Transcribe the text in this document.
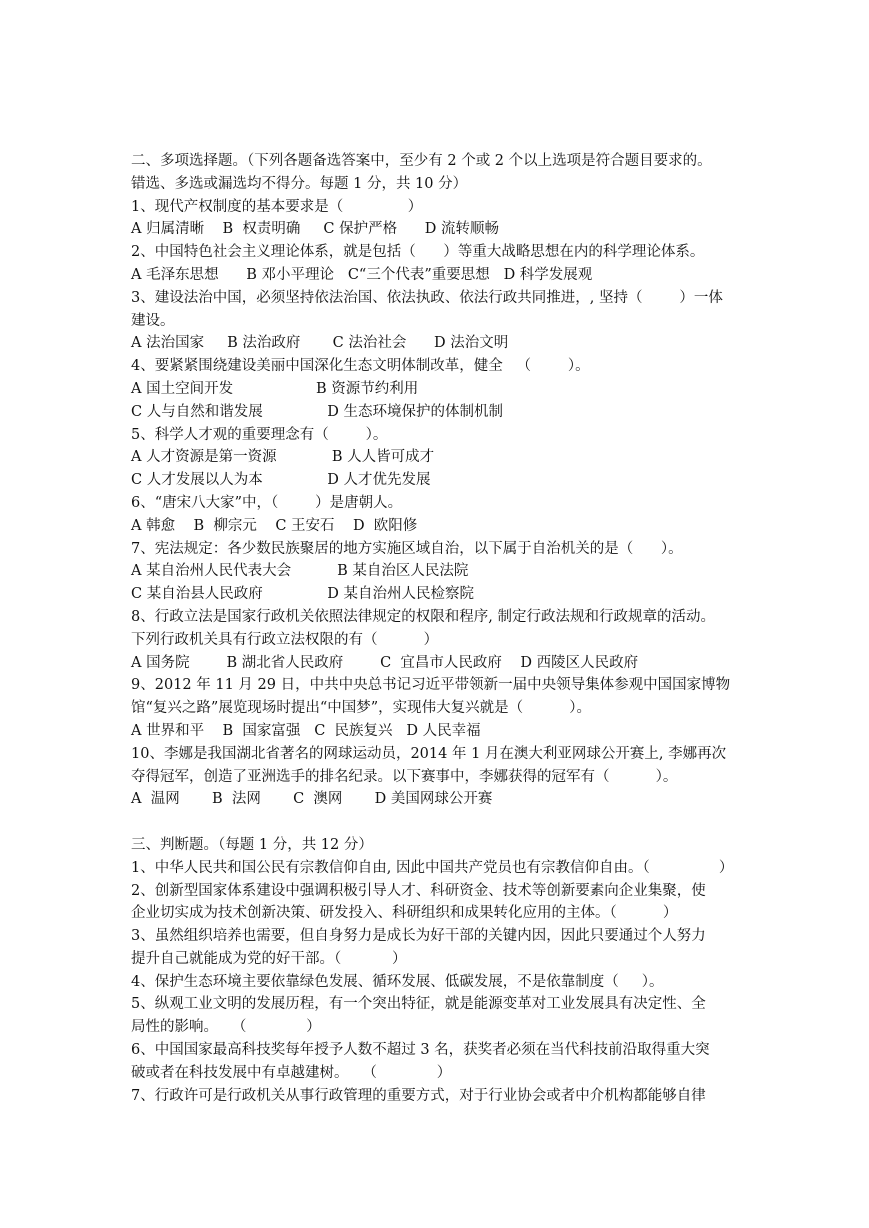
二、多项选择题。（下列各题备选答案中，至少有 2 个或 2 个以上选项是符合题目要求的。
错选、多选或漏选均不得分。每题 1 分，共 10 分）
1、现代产权制度的基本要求是（              ）
A 归属清晰    B  权责明确     C 保护严格      D 流转顺畅
2、中国特色社会主义理论体系，就是包括（      ）等重大战略思想在内的科学理论体系。
A 毛泽东思想      B 邓小平理论   C“三个代表”重要思想   D 科学发展观
3、建设法治中国，必须坚持依法治国、依法执政、依法行政共同推进，, 坚持（        ）一体
建设。
A 法治国家     B 法治政府       C 法治社会      D 法治文明
4、要紧紧围绕建设美丽中国深化生态文明体制改革，健全   （        ）。
A 国土空间开发                  B 资源节约利用
C 人与自然和谐发展              D 生态环境保护的体制机制
5、科学人才观的重要理念有（        ）。
A 人才资源是第一资源            B 人人皆可成才
C 人才发展以人为本              D 人才优先发展
6、“唐宋八大家”中，（        ）是唐朝人。
A 韩愈    B  柳宗元    C 王安石    D  欧阳修
7、宪法规定：各少数民族聚居的地方实施区域自治，以下属于自治机关的是（      ）。
A 某自治州人民代表大会          B 某自治区人民法院
C 某自治县人民政府              D 某自治州人民检察院
8、行政立法是国家行政机关依照法律规定的权限和程序, 制定行政法规和行政规章的活动。
下列行政机关具有行政立法权限的有（          ）
A 国务院        B 湖北省人民政府        C  宜昌市人民政府    D 西陵区人民政府
9、2012 年 11 月 29 日，中共中央总书记习近平带领新一届中央领导集体参观中国国家博物
馆“复兴之路”展览现场时提出“中国梦”，实现伟大复兴就是（          ）。
A 世界和平    B  国家富强   C  民族复兴   D 人民幸福
10、李娜是我国湖北省著名的网球运动员，2014 年 1 月在澳大利亚网球公开赛上, 李娜再次
夺得冠军，创造了亚洲选手的排名纪录。以下赛事中，李娜获得的冠军有（          ）。
A  温网       B  法网       C  澳网       D 美国网球公开赛
三、判断题。（每题 1 分，共 12 分）
1、中华人民共和国公民有宗教信仰自由, 因此中国共产党员也有宗教信仰自由。（               ）
2、创新型国家体系建设中强调积极引导人才、科研资金、技术等创新要素向企业集聚，使
企业切实成为技术创新决策、研发投入、科研组织和成果转化应用的主体。（          ）
3、虽然组织培养也需要，但自身努力是成长为好干部的关键内因，因此只要通过个人努力
提升自己就能成为党的好干部。（           ）
4、保护生态环境主要依靠绿色发展、循环发展、低碳发展，不是依靠制度（     ）。
5、纵观工业文明的发展历程，有一个突出特征，就是能源变革对工业发展具有决定性、全
局性的影响。   （             ）
6、中国国家最高科技奖每年授予人数不超过 3 名，获奖者必须在当代科技前沿取得重大突
破或者在科技发展中有卓越建树。   （             ）
7、行政许可是行政机关从事行政管理的重要方式，对于行业协会或者中介机构都能够自律
